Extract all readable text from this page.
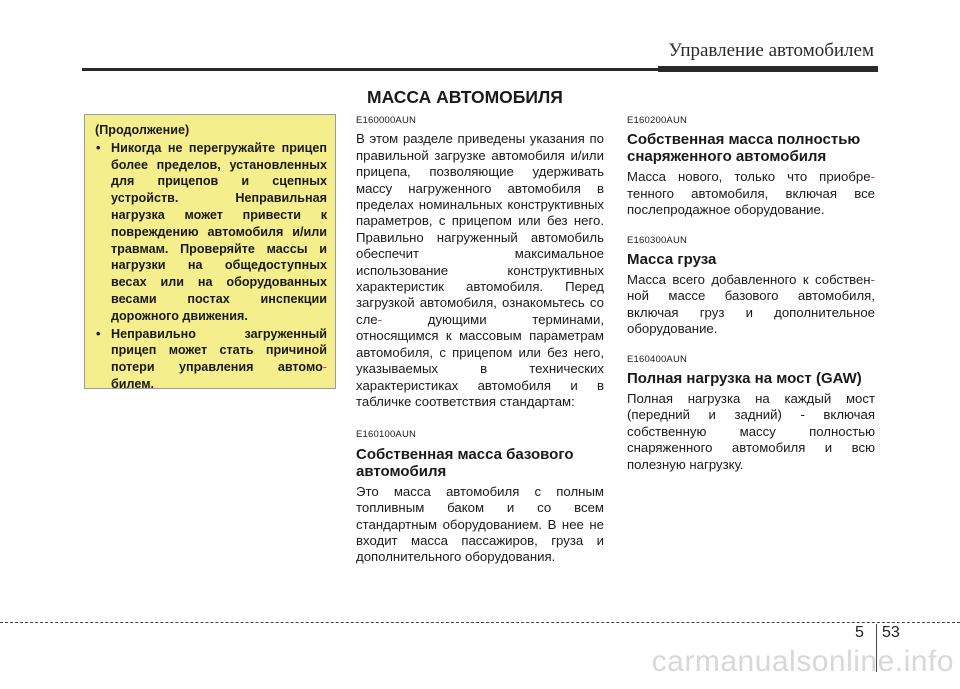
Управление автомобилем
МАССА АВТОМОБИЛЯ
(Продолжение)
• Никогда не перегружайте прицеп более пределов, установленных для прицепов и сцепных устройств. Неправильная нагрузка может привести к повреждению автомобиля и/или травмам. Проверяйте массы и нагрузки на общедоступных весах или на оборудованных весами постах инспекции дорожного движения.
• Неправильно загруженный прицеп может стать причиной потери управления автомо- билем.
E160000AUN

В этом разделе приведены указания по правильной загрузке автомобиля и/или прицепа, позволяющие удерживать массу нагруженного автомобиля в пределах номинальных конструктивных параметров, с прицепом или без него. Правильно нагруженный автомобиль обеспечит максимальное использование конструктивных характеристик автомобиля. Перед загрузкой автомобиля, ознакомьтесь со сле-	дующими терминами, относящимся к массовым параметрам автомобиля, с прицепом или без него, указываемых в технических характеристиках автомобиля и в табличке соответствия стандартам:

E160100AUN
Собственная масса базового автомобиля

Это масса автомобиля с полным топливным баком и со всем стандартным оборудованием. В нее не входит масса пассажиров, груза и дополнительного оборудования.

E160200AUN
Собственная масса полностью снаряженного автомобиля

Масса нового, только что приобре- тенного автомобиля, включая все послепродажное оборудование.

E160300AUN
Масса груза

Масса всего добавленного к собствен- ной массе базового автомобиля, включая груз и дополнительное оборудование.

E160400AUN
Полная нагрузка на мост (GAW)

Полная нагрузка на каждый мост (передний и задний) - включая собственную массу полностью снаряженного автомобиля и всю полезную нагрузку.

5 53
carmanualsonline.info
